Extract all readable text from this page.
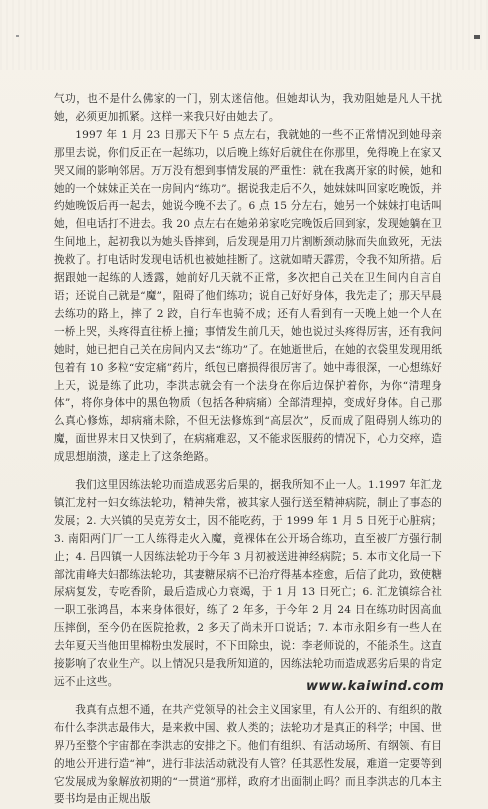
气功，也不是什么佛家的一门，别太迷信他。但她却认为，我劝阻她是凡人干扰她，必须更加抓紧。这样一来我只好由她去了。

1997 年 1 月 23 日那天下午 5 点左右，我就她的一些不正常情况到她母亲那里去说，你们反正在一起练功，以后晚上练好后就住在你那里，免得晚上在家又哭又闹的影响邻居。万万没有想到事情发展的严重性：就在我离开家的时候，她和她的一个妹妹正关在一房间内“练功”。据说我走后不久，她妹妹叫回家吃晚饭，并约她晚饭后再一起去，她说今晚不去了。6 点 15 分左右，她另一个妹妹打电话叫她，但电话打不进去。我 20 点左右在她弟弟家吃完晚饭后回到家，发现她躺在卫生间地上，起初我以为她头昏摔到，后发现是用刀片割断颈动脉而失血致死，无法挽救了。打电话时发现电话机也被她挂断了。这就如晴天霹雳，令我不知所措。后据跟她一起练的人透露，她前好几天就不正常，多次把自己关在卫生间内自言自语；还说自己就是“魔”，阻碍了他们练功；说自己好好身体，我先走了；那天早晨去练功的路上，摔了 2 跤，自行车也骑不成；还有人看到有一天晚上她一个人在一桥上哭，头疼得直往桥上撞；事情发生前几天，她也说过头疼得厉害，还有我问她时，她已把自己关在房间内又去“练功”了。在她逝世后，在她的衣袋里发现用纸包着有 10 多粒“安定痛”药片，纸包已磨损得很厉害了。她中毒很深，一心想练好上天，说是练了此功，李洪志就会有一个法身在你后边保护着你，为你“清理身体”，将你身体中的黑色物质（包括各种病痛）全部清理掉，变成好身体。自己那么真心修炼，却病痛未除，不但无法修炼到“高层次”，反而成了阻碍别人练功的魔，面世界末日又快到了，在病痛难忍，又不能求医服药的情况下，心力交瘁，造成思想崩溃，遂走上了这条绝路。

我们这里因练法轮功而造成恶劣后果的，据我所知不止一人。1.1997 年汇龙镇汇龙村一妇女练法轮功，精神失常，被其家人强行送至精神病院，制止了事态的发展；2. 大兴镇的吴克芳女士，因不能吃药，于 1999 年 1 月 5 日死于心脏病；3. 南阳两门厂一工人练得走火入魔，竟裸体在公开场合练功，直至被厂方强行制止；4. 吕四镇一人因练法轮功于今年 3 月初被送进神经病院；5. 本市文化局一下部沈甫峰夫妇都练法轮功，其妻糖尿病不已治疗得基本痊愈，后信了此功，致使糖尿病复发，专吃香阶，最后造成心力衰竭，于 1 月 13 日死亡；6. 汇龙镇综合社一职工张鸿昌，本来身体很好，练了 2 年多，于今年 2 月 24 日在练功时因高血压摔倒，至今仍在医院抢救，2 多天了尚未开口说话；7. 本市永阳乡有一些人在去年夏天当他田里棉粉虫发展时，不下田除虫，说：李老师说的，不能杀生。这直接影响了农业生产。以上情况只是我所知道的，因练法轮功而造成恶劣后果的肯定远不止这些。

我真有点想不通，在共产党领导的社会主义国家里，有人公开的、有组织的散布什么李洪志最伟大，是来救中国、救人类的；法轮功才是真正的科学；中国、世界乃至整个宇宙都在李洪志的安排之下。他们有组织、有活动场所、有纲领、有目的地公开进行造“神”，进行非法活动就没有人管？任其恶性发展，难道一定要等到它发展成为象解放初期的“一贯道”那样，政府才出面制止吗？而且李洪志的几本主要书均是由正规出版

www.kaiwind.com
